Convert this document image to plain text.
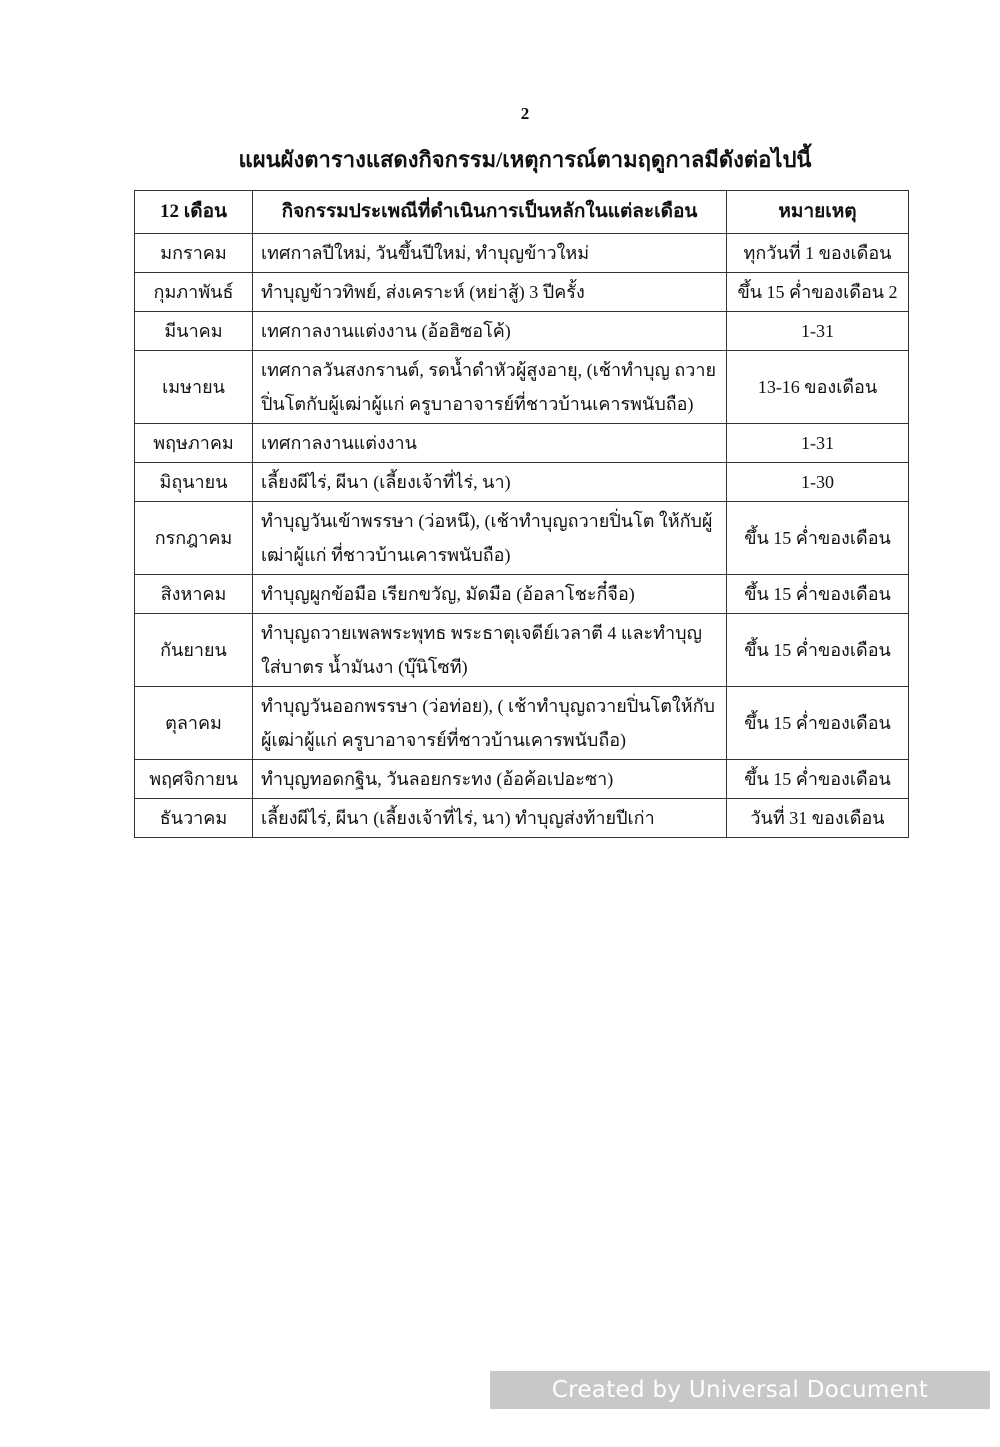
2
แผนผังตารางแสดงกิจกรรม/เหตุการณ์ตามฤดูกาลมีดังต่อไปนี้
12 เดือน	กิจกรรมประเพณีที่ดำเนินการเป็นหลักในแต่ละเดือน	หมายเหตุ
มกราคม	เทศกาลปีใหม่, วันขึ้นปีใหม่, ทำบุญข้าวใหม่	ทุกวันที่ 1 ของเดือน
กุมภาพันธ์	ทำบุญข้าวทิพย์, ส่งเคราะห์ (หย่าสู้) 3 ปีครั้ง	ขึ้น 15 ค่ำของเดือน 2
มีนาคม	เทศกาลงานแต่งงาน (อ้อฮิซอโค้)	1-31
เมษายน	เทศกาลวันสงกรานต์, รดน้ำดำหัวผู้สูงอายุ, (เช้าทำบุญ ถวายปิ่นโตกับผู้เฒ่าผู้แก่ ครูบาอาจารย์ที่ชาวบ้านเคารพนับถือ)	13-16 ของเดือน
พฤษภาคม	เทศกาลงานแต่งงาน	1-31
มิถุนายน	เลี้ยงผีไร่, ผีนา (เลี้ยงเจ้าที่ไร่, นา)	1-30
กรกฎาคม	ทำบุญวันเข้าพรรษา (ว่อหนึ), (เช้าทำบุญถวายปิ่นโต ให้กับผู้เฒ่าผู้แก่ ที่ชาวบ้านเคารพนับถือ)	ขึ้น 15 ค่ำของเดือน
สิงหาคม	ทำบุญผูกข้อมือ เรียกขวัญ, มัดมือ (อ้อลาโชะกี๋จือ)	ขึ้น 15 ค่ำของเดือน
กันยายน	ทำบุญถวายเพลพระพุทธ พระธาตุเจดีย์เวลาตี 4 และทำบุญใส่บาตร น้ำมันงา (บุ๊นิโซที)	ขึ้น 15 ค่ำของเดือน
ตุลาคม	ทำบุญวันออกพรรษา (ว่อท่อย), ( เช้าทำบุญถวายปิ่นโตให้กับผู้เฒ่าผู้แก่ ครูบาอาจารย์ที่ชาวบ้านเคารพนับถือ)	ขึ้น 15 ค่ำของเดือน
พฤศจิกายน	ทำบุญทอดกฐิน, วันลอยกระทง (อ้อค้อเปอะซา)	ขึ้น 15 ค่ำของเดือน
ธันวาคม	เลี้ยงผีไร่, ผีนา (เลี้ยงเจ้าที่ไร่, นา) ทำบุญส่งท้ายปีเก่า	วันที่ 31 ของเดือน
Created by Universal Document Converter
